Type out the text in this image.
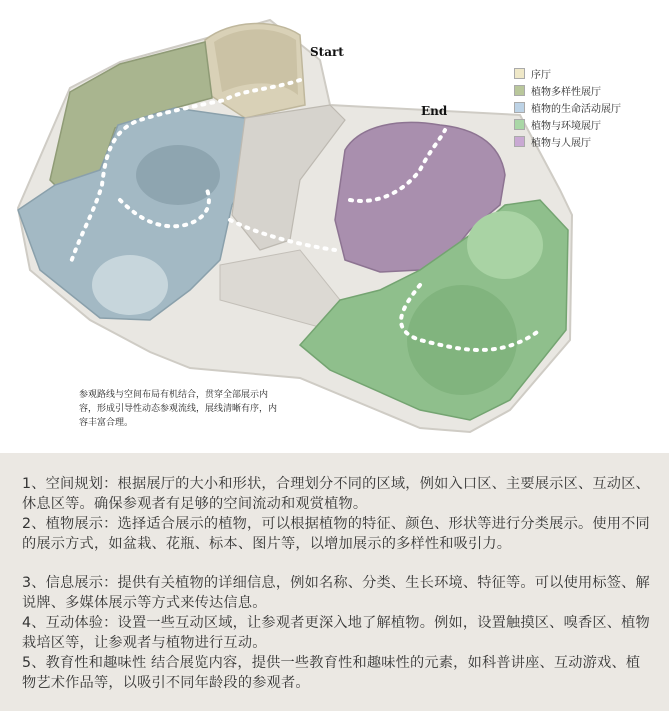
Start
End
序厅
植物多样性展厅
植物的生命活动展厅
植物与环境展厅
植物与人展厅
参观路线与空间布局有机结合，贯穿全部展示内容，形成引导性动态参观流线，展线清晰有序，内容丰富合理。
1、空间规划：根据展厅的大小和形状，合理划分不同的区域，例如入口区、主要展示区、互动区、休息区等。确保参观者有足够的空间流动和观赏植物。
2、植物展示：选择适合展示的植物，可以根据植物的特征、颜色、形状等进行分类展示。使用不同的展示方式，如盆栽、花瓶、标本、图片等，以增加展示的多样性和吸引力。
3、信息展示：提供有关植物的详细信息，例如名称、分类、生长环境、特征等。可以使用标签、解说牌、多媒体展示等方式来传达信息。
4、互动体验：设置一些互动区域，让参观者更深入地了解植物。例如，设置触摸区、嗅香区、植物栽培区等，让参观者与植物进行互动。
5、教育性和趣味性 结合展览内容，提供一些教育性和趣味性的元素，如科普讲座、互动游戏、植物艺术作品等，以吸引不同年龄段的参观者。
